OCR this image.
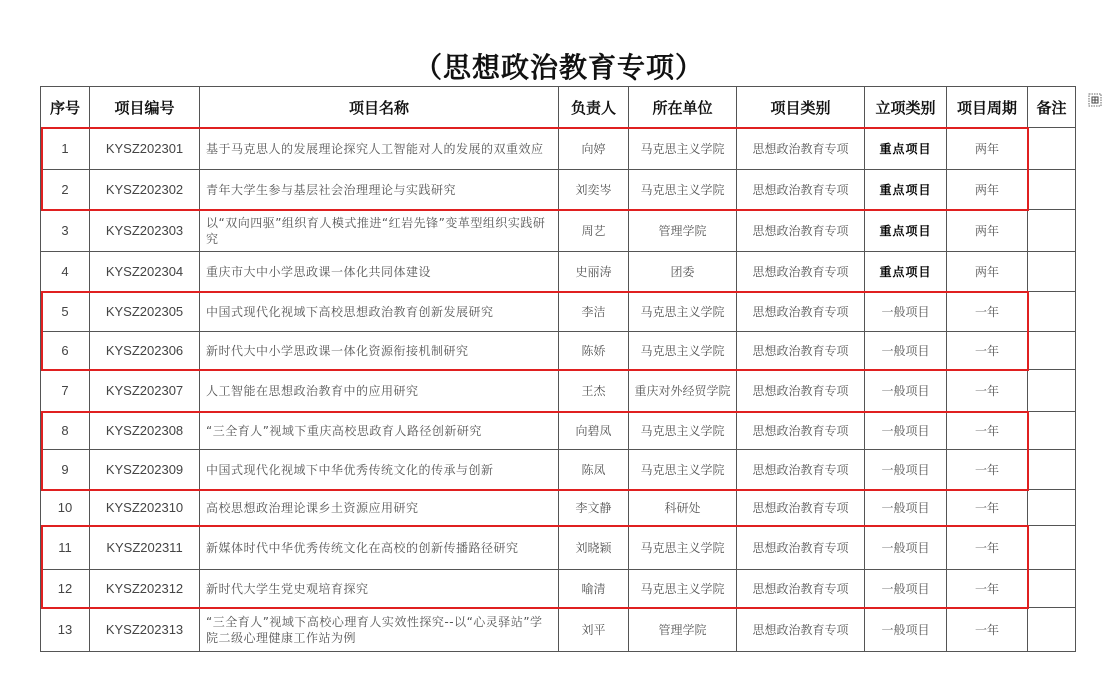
（思想政治教育专项）
序号	项目编号	项目名称	负责人	所在单位	项目类别	立项类别	项目周期	备注
1	KYSZ202301	基于马克思人的发展理论探究人工智能对人的发展的双重效应	向婷	马克思主义学院	思想政治教育专项	重点项目	两年	
2	KYSZ202302	青年大学生参与基层社会治理理论与实践研究	刘奕岑	马克思主义学院	思想政治教育专项	重点项目	两年	
3	KYSZ202303	以“双向四驱”组织育人模式推进“红岩先锋”变革型组织实践研究	周艺	管理学院	思想政治教育专项	重点项目	两年	
4	KYSZ202304	重庆市大中小学思政课一体化共同体建设	史丽涛	团委	思想政治教育专项	重点项目	两年	
5	KYSZ202305	中国式现代化视域下高校思想政治教育创新发展研究	李洁	马克思主义学院	思想政治教育专项	一般项目	一年	
6	KYSZ202306	新时代大中小学思政课一体化资源衔接机制研究	陈娇	马克思主义学院	思想政治教育专项	一般项目	一年	
7	KYSZ202307	人工智能在思想政治教育中的应用研究	王杰	重庆对外经贸学院	思想政治教育专项	一般项目	一年	
8	KYSZ202308	“三全育人”视域下重庆高校思政育人路径创新研究	向碧凤	马克思主义学院	思想政治教育专项	一般项目	一年	
9	KYSZ202309	中国式现代化视域下中华优秀传统文化的传承与创新	陈凤	马克思主义学院	思想政治教育专项	一般项目	一年	
10	KYSZ202310	高校思想政治理论课乡土资源应用研究	李文静	科研处	思想政治教育专项	一般项目	一年	
11	KYSZ202311	新媒体时代中华优秀传统文化在高校的创新传播路径研究	刘晓颖	马克思主义学院	思想政治教育专项	一般项目	一年	
12	KYSZ202312	新时代大学生党史观培育探究	喻清	马克思主义学院	思想政治教育专项	一般项目	一年	
13	KYSZ202313	“三全育人”视域下高校心理育人实效性探究--以“心灵驿站”学院二级心理健康工作站为例	刘平	管理学院	思想政治教育专项	一般项目	一年	
